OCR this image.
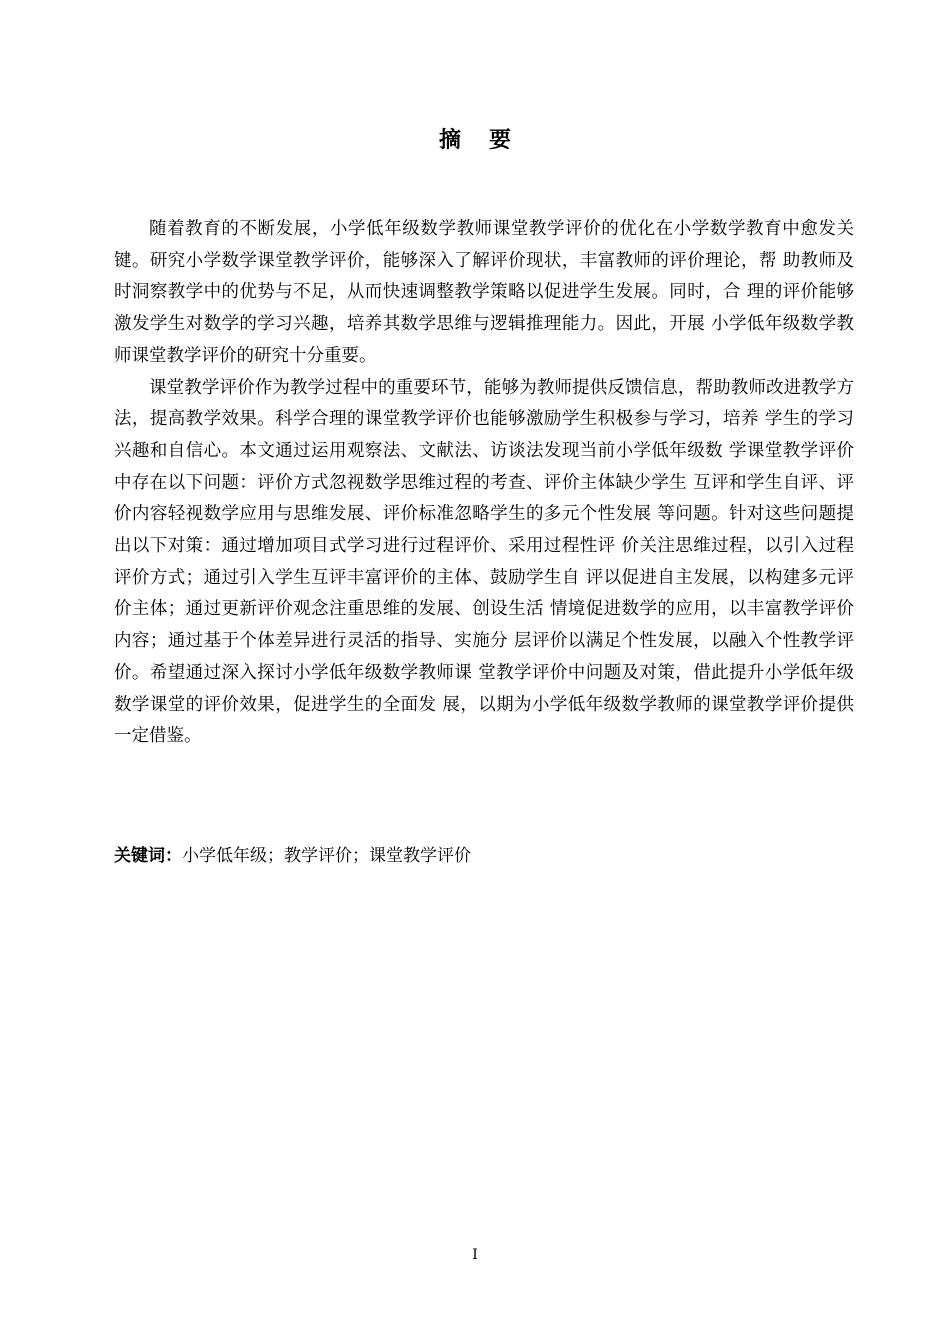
摘 要

随着教育的不断发展，小学低年级数学教师课堂教学评价的优化在小学数学教育中愈发关键。研究小学数学课堂教学评价，能够深入了解评价现状，丰富教师的评价理论，帮 助教师及时洞察教学中的优势与不足，从而快速调整教学策略以促进学生发展。同时，合 理的评价能够激发学生对数学的学习兴趣，培养其数学思维与逻辑推理能力。因此，开展 小学低年级数学教师课堂教学评价的研究十分重要。

课堂教学评价作为教学过程中的重要环节，能够为教师提供反馈信息，帮助教师改进教学方法，提高教学效果。科学合理的课堂教学评价也能够激励学生积极参与学习，培养 学生的学习兴趣和自信心。本文通过运用观察法、文献法、访谈法发现当前小学低年级数 学课堂教学评价中存在以下问题：评价方式忽视数学思维过程的考查、评价主体缺少学生 互评和学生自评、评价内容轻视数学应用与思维发展、评价标准忽略学生的多元个性发展 等问题。针对这些问题提出以下对策：通过增加项目式学习进行过程评价、采用过程性评 价关注思维过程，以引入过程评价方式；通过引入学生互评丰富评价的主体、鼓励学生自 评以促进自主发展，以构建多元评价主体；通过更新评价观念注重思维的发展、创设生活 情境促进数学的应用，以丰富教学评价内容；通过基于个体差异进行灵活的指导、实施分 层评价以满足个性发展，以融入个性教学评价。希望通过深入探讨小学低年级数学教师课 堂教学评价中问题及对策，借此提升小学低年级数学课堂的评价效果，促进学生的全面发 展，以期为小学低年级数学教师的课堂教学评价提供一定借鉴。

关键词：小学低年级；教学评价；课堂教学评价
I
